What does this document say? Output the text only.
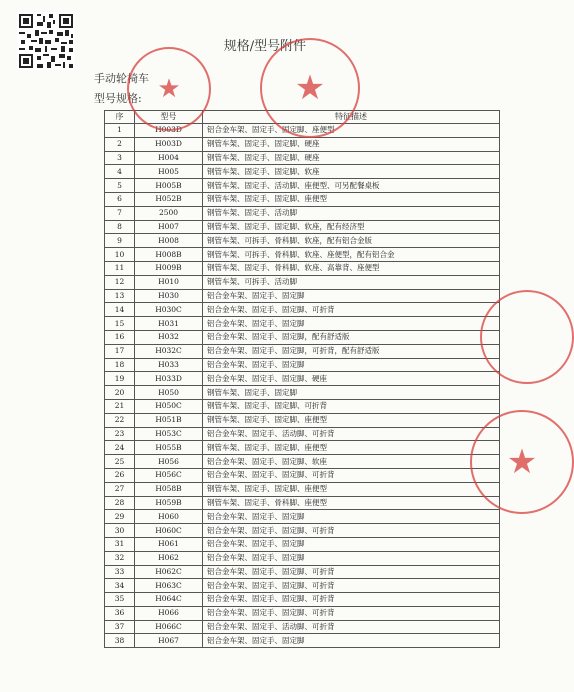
规格/型号附件
手动轮椅车
型号规格:
序	型号	特征描述
1	H003D	铝合金车架、固定手、固定脚、座便型
2	H003D	钢管车架、固定手、固定脚、硬座
3	H004	钢管车架、固定手、固定脚、硬座
4	H005	钢管车架、固定手、固定脚、软座
5	H005B	钢管车架、固定手、活动脚、座便型、可另配餐桌板
6	H052B	钢管车架、固定手、固定脚、座便型
7	2500	钢管车架、固定手、活动脚
8	H007	钢管车架、固定手、固定脚、软座，配有经济型
9	H008	钢管车架、可拆手、骨科脚、软座，配有铝合金版
10	H008B	钢管车架、可拆手、骨科脚、软座、座便型，配有铝合金
11	H009B	钢管车架、固定手、骨科脚、软座、高靠背、座便型
12	H010	钢管车架、可拆手、活动脚
13	H030	铝合金车架、固定手、固定脚
14	H030C	铝合金车架、固定手、固定脚、可折背
15	H031	铝合金车架、固定手、固定脚
16	H032	铝合金车架、固定手、固定脚，配有舒适版
17	H032C	铝合金车架、固定手、固定脚，可折背，配有舒适版
18	H033	铝合金车架、固定手、固定脚
19	H033D	铝合金车架、固定手、固定脚、硬座
20	H050	钢管车架、固定手、固定脚
21	H050C	钢管车架、固定手、固定脚、可折背
22	H051B	钢管车架、固定手、固定脚、座便型
23	H053C	铝合金车架、固定手、活动脚、可折背
24	H055B	钢管车架、固定手、固定脚、座便型
25	H056	铝合金车架、固定手、固定脚、软座
26	H056C	铝合金车架、固定手、固定脚、可折背
27	H058B	钢管车架、固定手、固定脚、座便型
28	H059B	钢管车架、固定手、骨科脚、座便型
29	H060	铝合金车架、固定手、固定脚
30	H060C	铝合金车架、固定手、固定脚、可折背
31	H061	铝合金车架、固定手、固定脚
32	H062	铝合金车架、固定手、固定脚
33	H062C	铝合金车架、固定手、固定脚、可折背
34	H063C	铝合金车架、固定手、固定脚、可折背
35	H064C	铝合金车架、固定手、固定脚、可折背
36	H066	铝合金车架、固定手、固定脚、可折背
37	H066C	铝合金车架、固定手、活动脚、可折背
38	H067	铝合金车架、固定手、固定脚
★	★
★
